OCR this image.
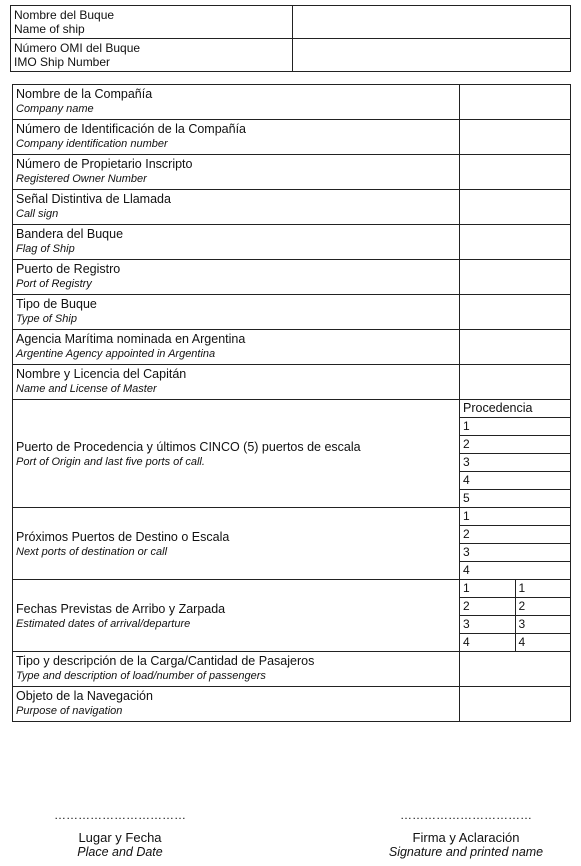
Nombre del Buque
Name of ship	
Número OMI del Buque
IMO Ship Number	
Nombre de la Compañía
Company name

Número de Identificación de la Compañía
Company identification number

Número de Propietario Inscripto
Registered Owner Number

Señal Distintiva de Llamada
Call sign

Bandera del Buque
Flag of Ship

Puerto de Registro
Port of Registry

Tipo de Buque
Type of Ship

Agencia Marítima nominada en Argentina
Argentine Agency appointed in Argentina

Nombre y Licencia del Capitán
Name and License of Master

Puerto de Procedencia y últimos CINCO (5) puertos de escala
Port of Origin and last five ports of call.

Procedencia
1
2
3
4
5

Próximos Puertos de Destino o Escala
Next ports of destination or call

1
2
3
4

Fechas Previstas de Arribo y Zarpada
Estimated dates of arrival/departure

1	1
2	2
3	3
4	4

Tipo y descripción de la Carga/Cantidad de Pasajeros
Type and description of load/number of passengers

Objeto de la Navegación
Purpose of navigation

……………………………
Lugar y Fecha
Place and Date
……………………………
Firma y Aclaración
Signature and printed name
